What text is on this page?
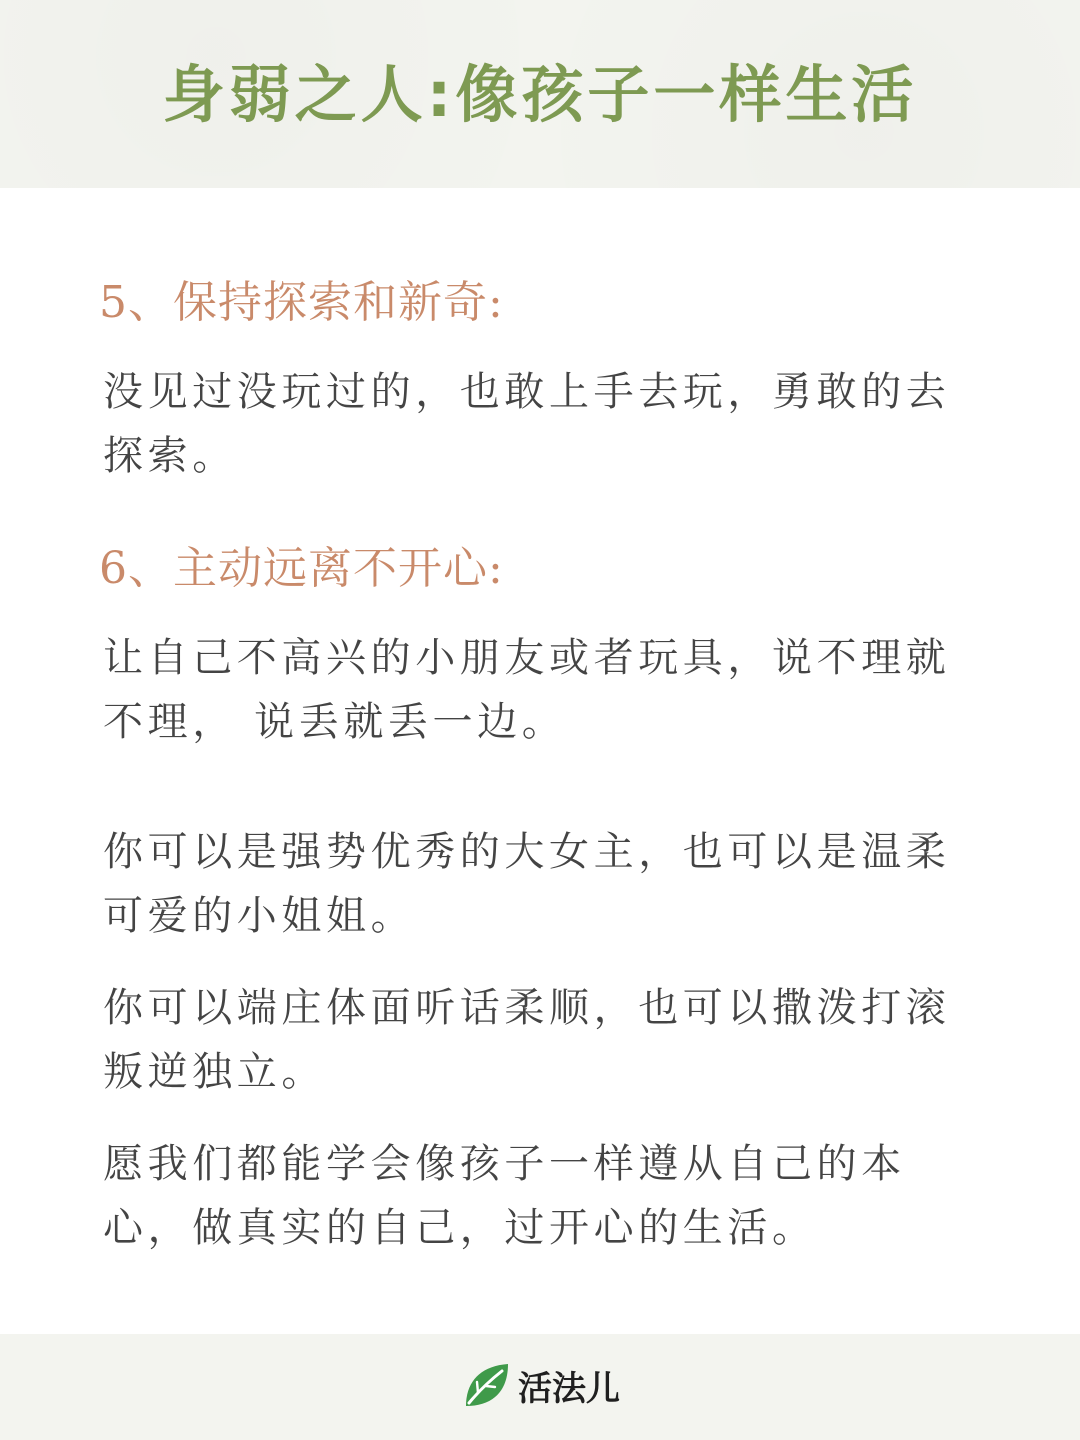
身弱之人:像孩子一样生活
5、保持探索和新奇:

没见过没玩过的，也敢上手去玩，勇敢的去探索。

6、主动远离不开心:

让自己不高兴的小朋友或者玩具，说不理就不理， 说丢就丢一边。

你可以是强势优秀的大女主，也可以是温柔可爱的小姐姐。

你可以端庄体面听话柔顺，也可以撒泼打滚叛逆独立。

愿我们都能学会像孩子一样遵从自己的本心，做真实的自己，过开心的生活。

活法儿
